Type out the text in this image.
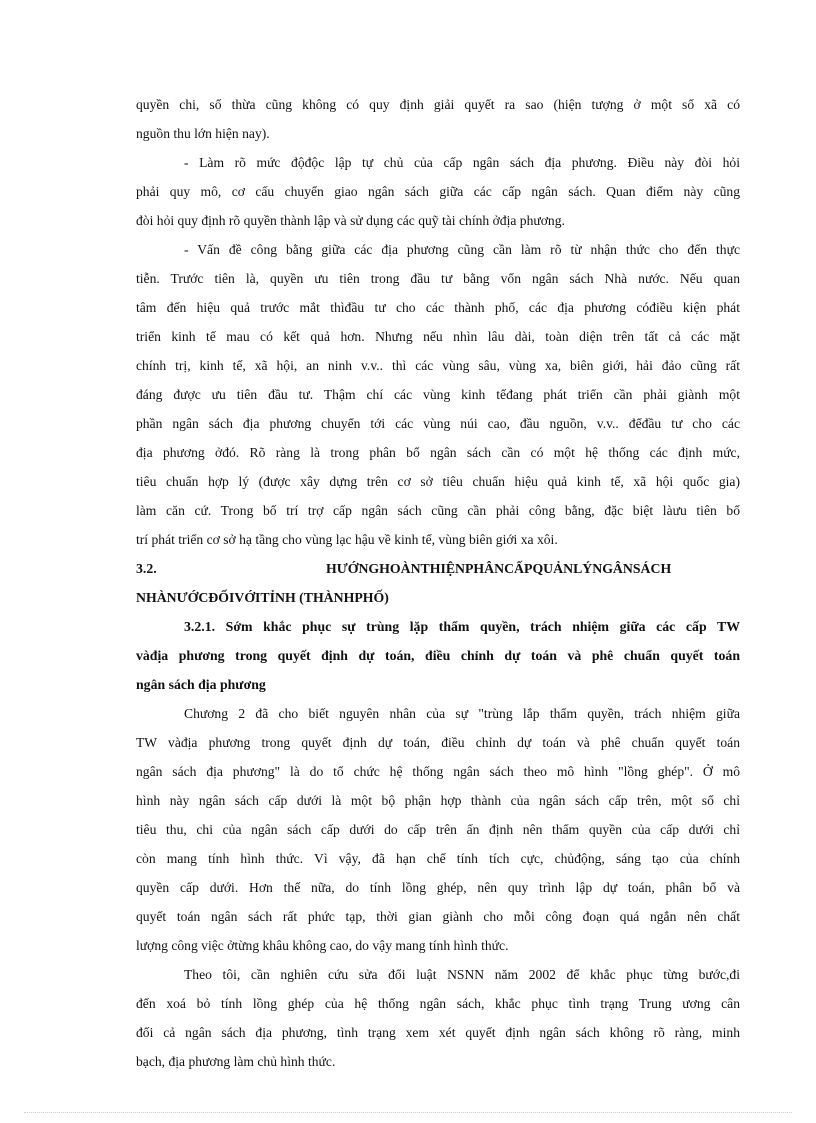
quyền chi, số thừa cũng không có quy định giải quyết ra sao (hiện tượng ở một số xã có
nguồn thu lớn hiện nay).
- Làm rõ mức độđộc lập tự chủ của cấp ngân sách địa phương. Điều này đòi hỏi
phải quy mô, cơ cấu chuyển giao ngân sách giữa các cấp ngân sách. Quan điểm này cũng
đòi hỏi quy định rõ quyền thành lập và sử dụng các quỹ tài chính ởđịa phương.
- Vấn đề công bằng giữa các địa phương cũng cần làm rõ từ nhận thức cho đến thực
tiễn. Trước tiên là, quyền ưu tiên trong đầu tư bằng vốn ngân sách Nhà nước. Nếu quan
tâm đến hiệu quả trước mắt thìđầu tư cho các thành phố, các địa phương cóđiều kiện phát
triển kinh tế mau có kết quả hơn. Nhưng nếu nhìn lâu dài, toàn diện trên tất cả các mặt
chính trị, kinh tế, xã hội, an ninh v.v.. thì các vùng sâu, vùng xa, biên giới, hải đảo cũng rất
đáng được ưu tiên đầu tư. Thậm chí các vùng kinh tếđang phát triển cần phải giành một
phần ngân sách địa phương chuyển tới các vùng núi cao, đầu nguồn, v.v.. đểđầu tư cho các
địa phương ởđó. Rõ ràng là trong phân bổ ngân sách cần có một hệ thống các định mức,
tiêu chuẩn hợp lý (được xây dựng trên cơ sở tiêu chuẩn hiệu quả kinh tế, xã hội quốc gia)
làm căn cứ. Trong bố trí trợ cấp ngân sách cũng cần phải công bằng, đặc biệt làưu tiên bố
trí phát triển cơ sở hạ tầng cho vùng lạc hậu về kinh tế, vùng biên giới xa xôi.
3.2.	HƯỚNGHOÀNTHIỆNPHÂNCẤPQUẢNLÝNGÂNSÁCH
NHÀNƯỚCĐỐIVỚITỈNH (THÀNHPHỐ)
3.2.1. Sớm khắc phục sự trùng lặp thẩm quyền, trách nhiệm giữa các cấp TW
vàđịa phương trong quyết định dự toán, điều chỉnh dự toán và phê chuẩn quyết toán
ngân sách địa phương
Chương 2 đã cho biết nguyên nhân của sự "trùng lắp thẩm quyền, trách nhiệm giữa
TW vàđịa phương trong quyết định dự toán, điều chỉnh dự toán và phê chuẩn quyết toán
ngân sách địa phương" là do tổ chức hệ thống ngân sách theo mô hình "lồng ghép". Ở mô
hình này ngân sách cấp dưới là một bộ phận hợp thành của ngân sách cấp trên, một số chỉ
tiêu thu, chi của ngân sách cấp dưới do cấp trên ấn định nên thẩm quyền của cấp dưới chỉ
còn mang tính hình thức. Vì vậy, đã hạn chế tính tích cực, chủđộng, sáng tạo của chính
quyền cấp dưới. Hơn thế nữa, do tính lồng ghép, nên quy trình lập dự toán, phân bổ và
quyết toán ngân sách rất phức tạp, thời gian giành cho mỗi công đoạn quá ngắn nên chất
lượng công việc ởtừng khâu không cao, do vậy mang tính hình thức.
Theo tôi, cần nghiên cứu sửa đổi luật NSNN năm 2002 để khắc phục từng bước,đi
đến xoá bỏ tính lồng ghép của hệ thống ngân sách, khắc phục tình trạng Trung ương cân
đối cả ngân sách địa phương, tình trạng xem xét quyết định ngân sách không rõ ràng, minh
bạch, địa phương làm chủ hình thức.
